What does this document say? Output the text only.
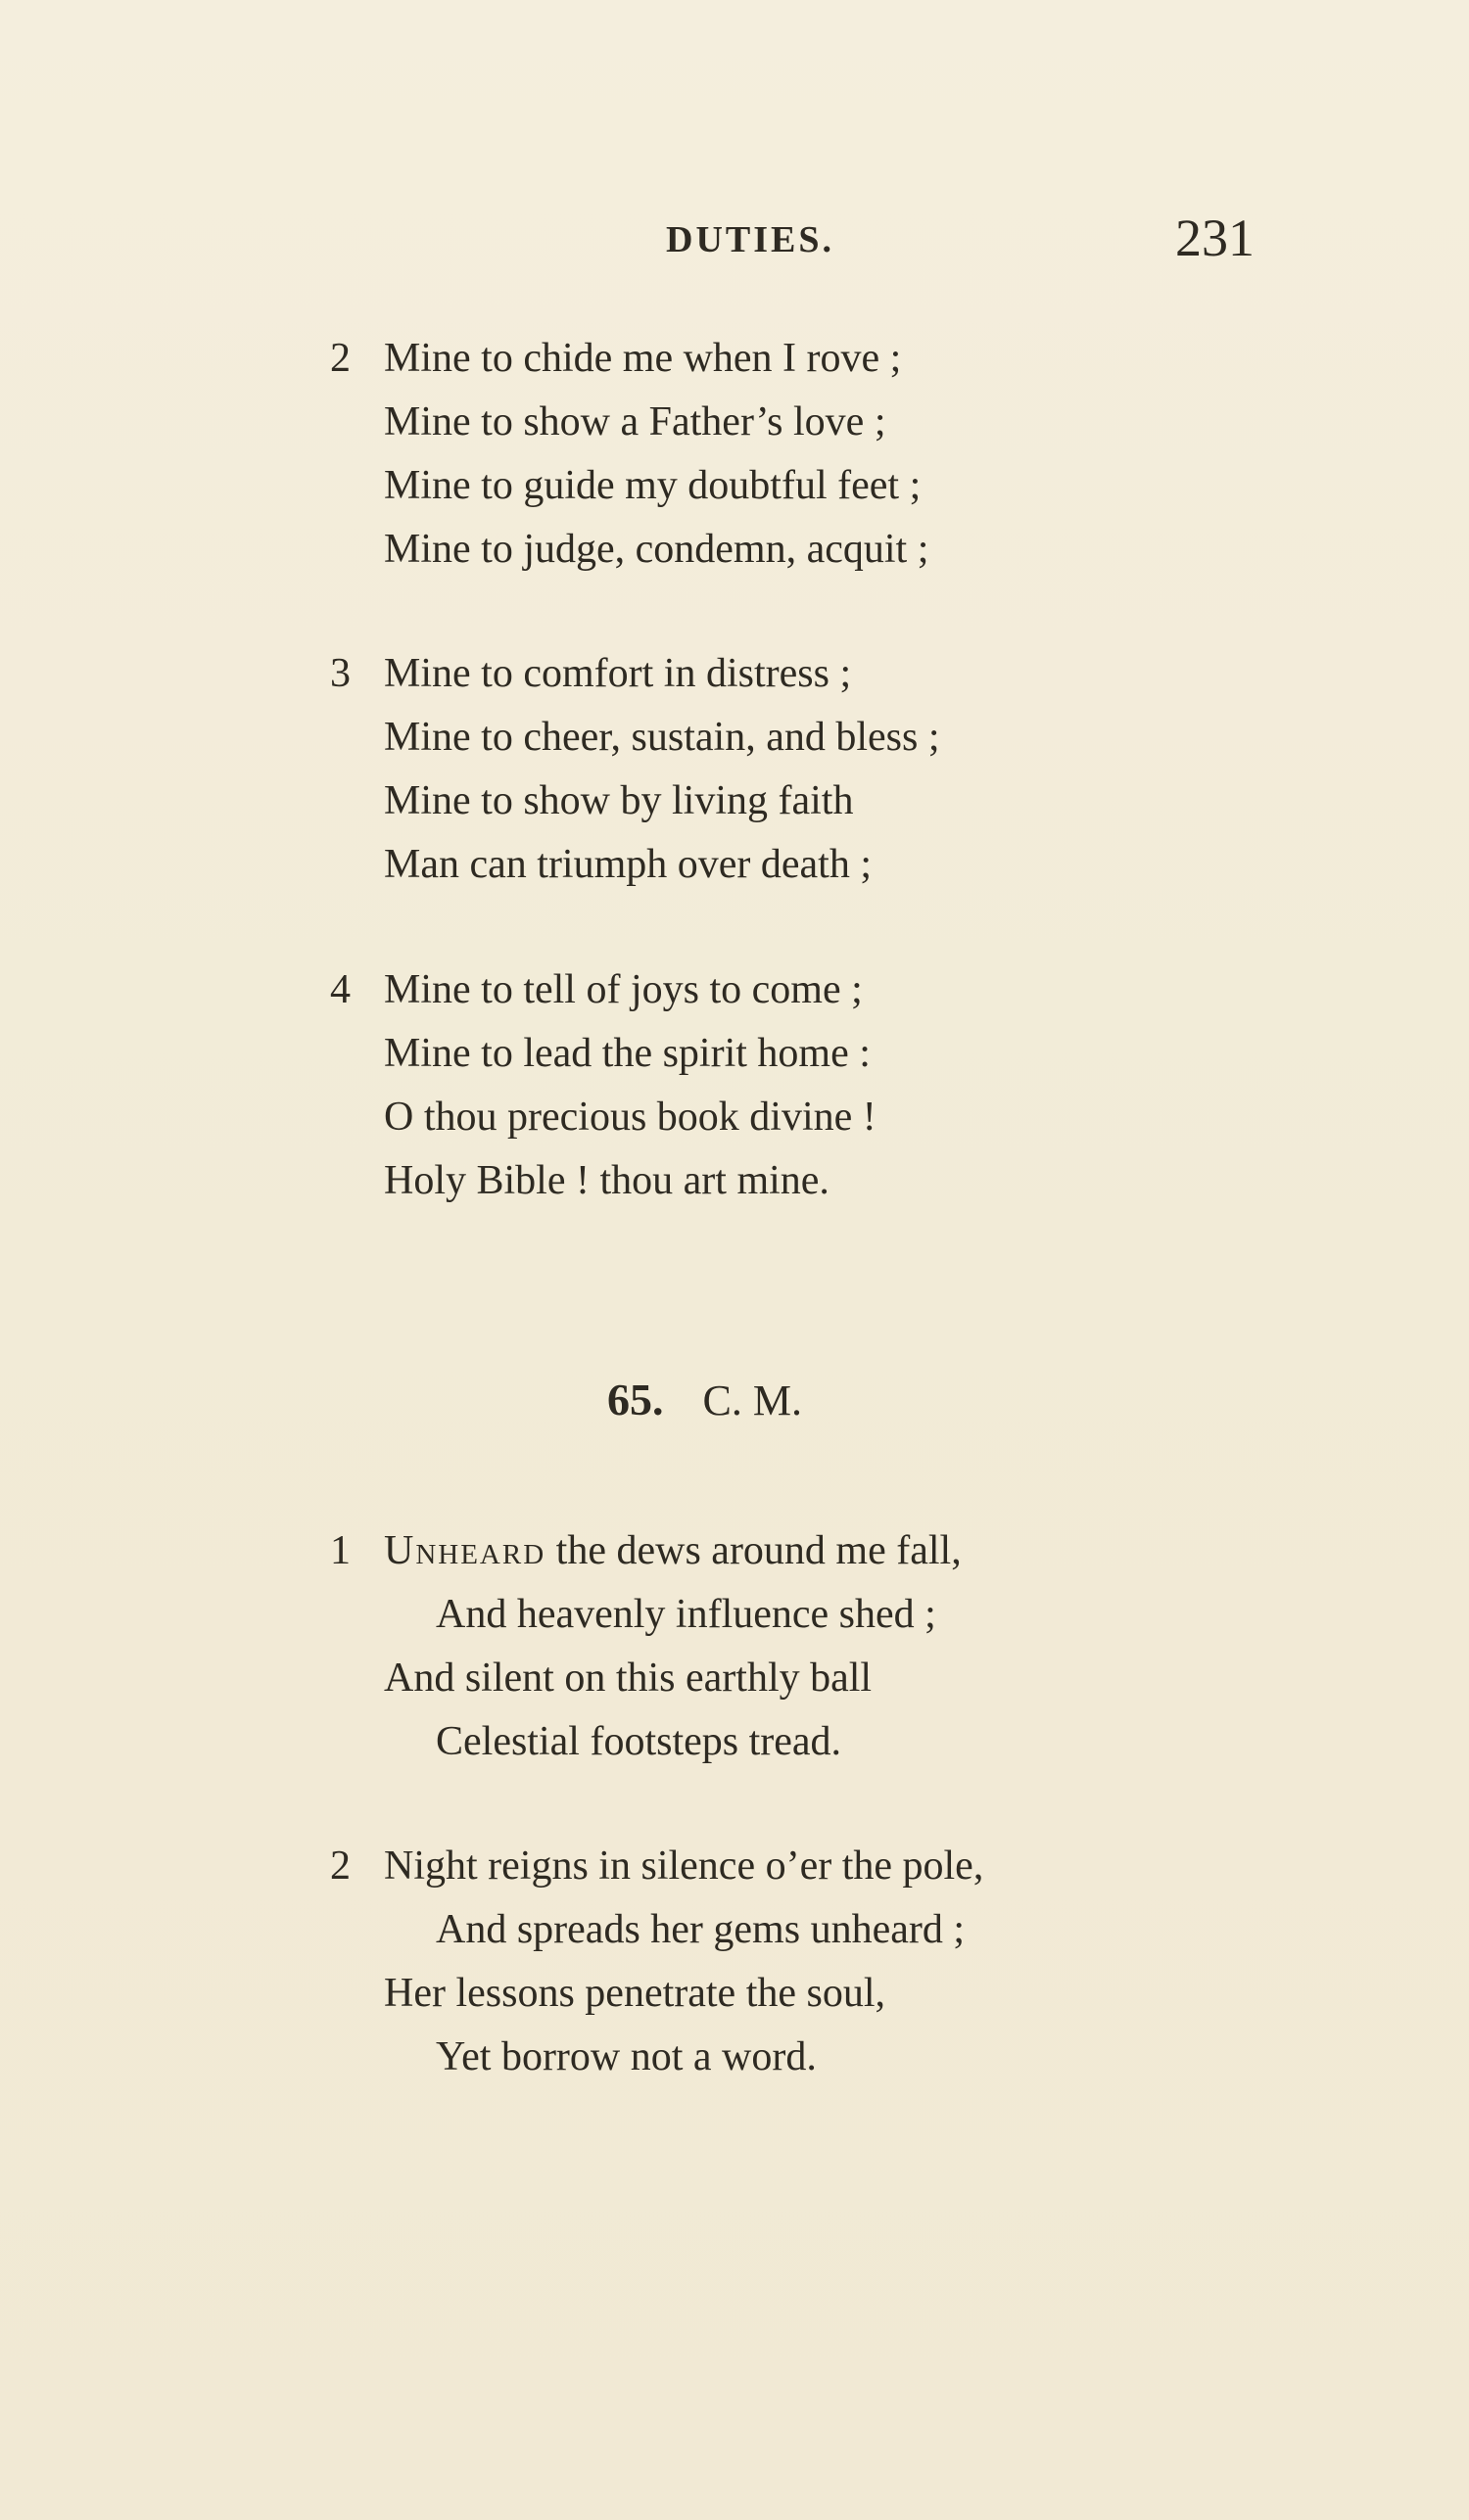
DUTIES.	231
2 Mine to chide me when I rove ;
Mine to show a Father’s love ;
Mine to guide my doubtful feet ;
Mine to judge, condemn, acquit ;
3 Mine to comfort in distress ;
Mine to cheer, sustain, and bless ;
Mine to show by living faith
Man can triumph over death ;
4 Mine to tell of joys to come ;
Mine to lead the spirit home :
O thou precious book divine !
Holy Bible ! thou art mine.
65. C. M.
1 Unheard the dews around me fall,
And heavenly influence shed ;
And silent on this earthly ball
Celestial footsteps tread.
2 Night reigns in silence o’er the pole,
And spreads her gems unheard ;
Her lessons penetrate the soul,
Yet borrow not a word.
